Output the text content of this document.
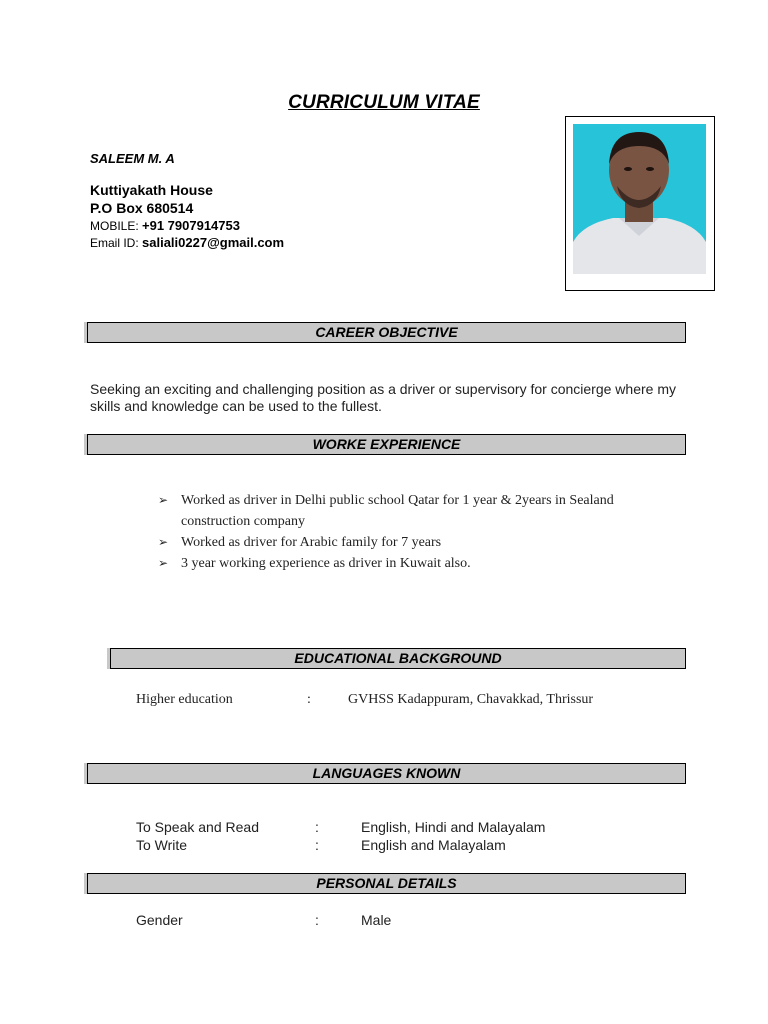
CURRICULUM VITAE
SALEEM M. A
Kuttiyakath House
P.O Box 680514
MOBILE: +91 7907914753
Email ID: saliali0227@gmail.com
CAREER OBJECTIVE
Seeking an exciting and challenging position as a driver or supervisory for concierge where my skills and knowledge can be used to the fullest.
WORKE EXPERIENCE
➢ Worked as driver in Delhi public school Qatar for 1 year & 2years in Sealand construction company
➢ Worked as driver for Arabic family for 7 years
➢ 3 year working experience as driver in Kuwait also.
EDUCATIONAL BACKGROUND
Higher education	:	GVHSS Kadappuram, Chavakkad, Thrissur
LANGUAGES KNOWN
To Speak and Read	:	English, Hindi and Malayalam
To Write	:	English and Malayalam
PERSONAL DETAILS
Gender	:	Male
